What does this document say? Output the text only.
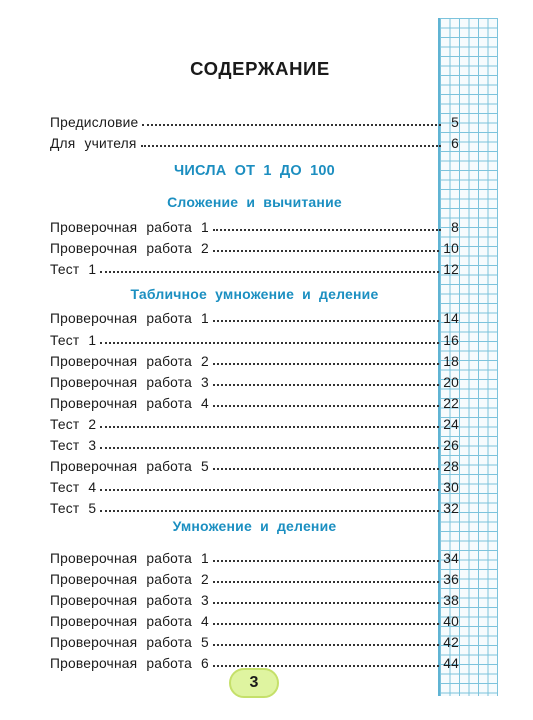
СОДЕРЖАНИЕ
Предисловие	5
Для учителя	6
ЧИСЛА ОТ 1 ДО 100
Сложение и вычитание
Проверочная работа 1	8
Проверочная работа 2	10
Тест 1	12
Табличное умножение и деление
Проверочная работа 1	14
Тест 1	16
Проверочная работа 2	18
Проверочная работа 3	20
Проверочная работа 4	22
Тест 2	24
Тест 3	26
Проверочная работа 5	28
Тест 4	30
Тест 5	32
Умножение и деление
Проверочная работа 1	34
Проверочная работа 2	36
Проверочная работа 3	38
Проверочная работа 4	40
Проверочная работа 5	42
Проверочная работа 6	44
3
